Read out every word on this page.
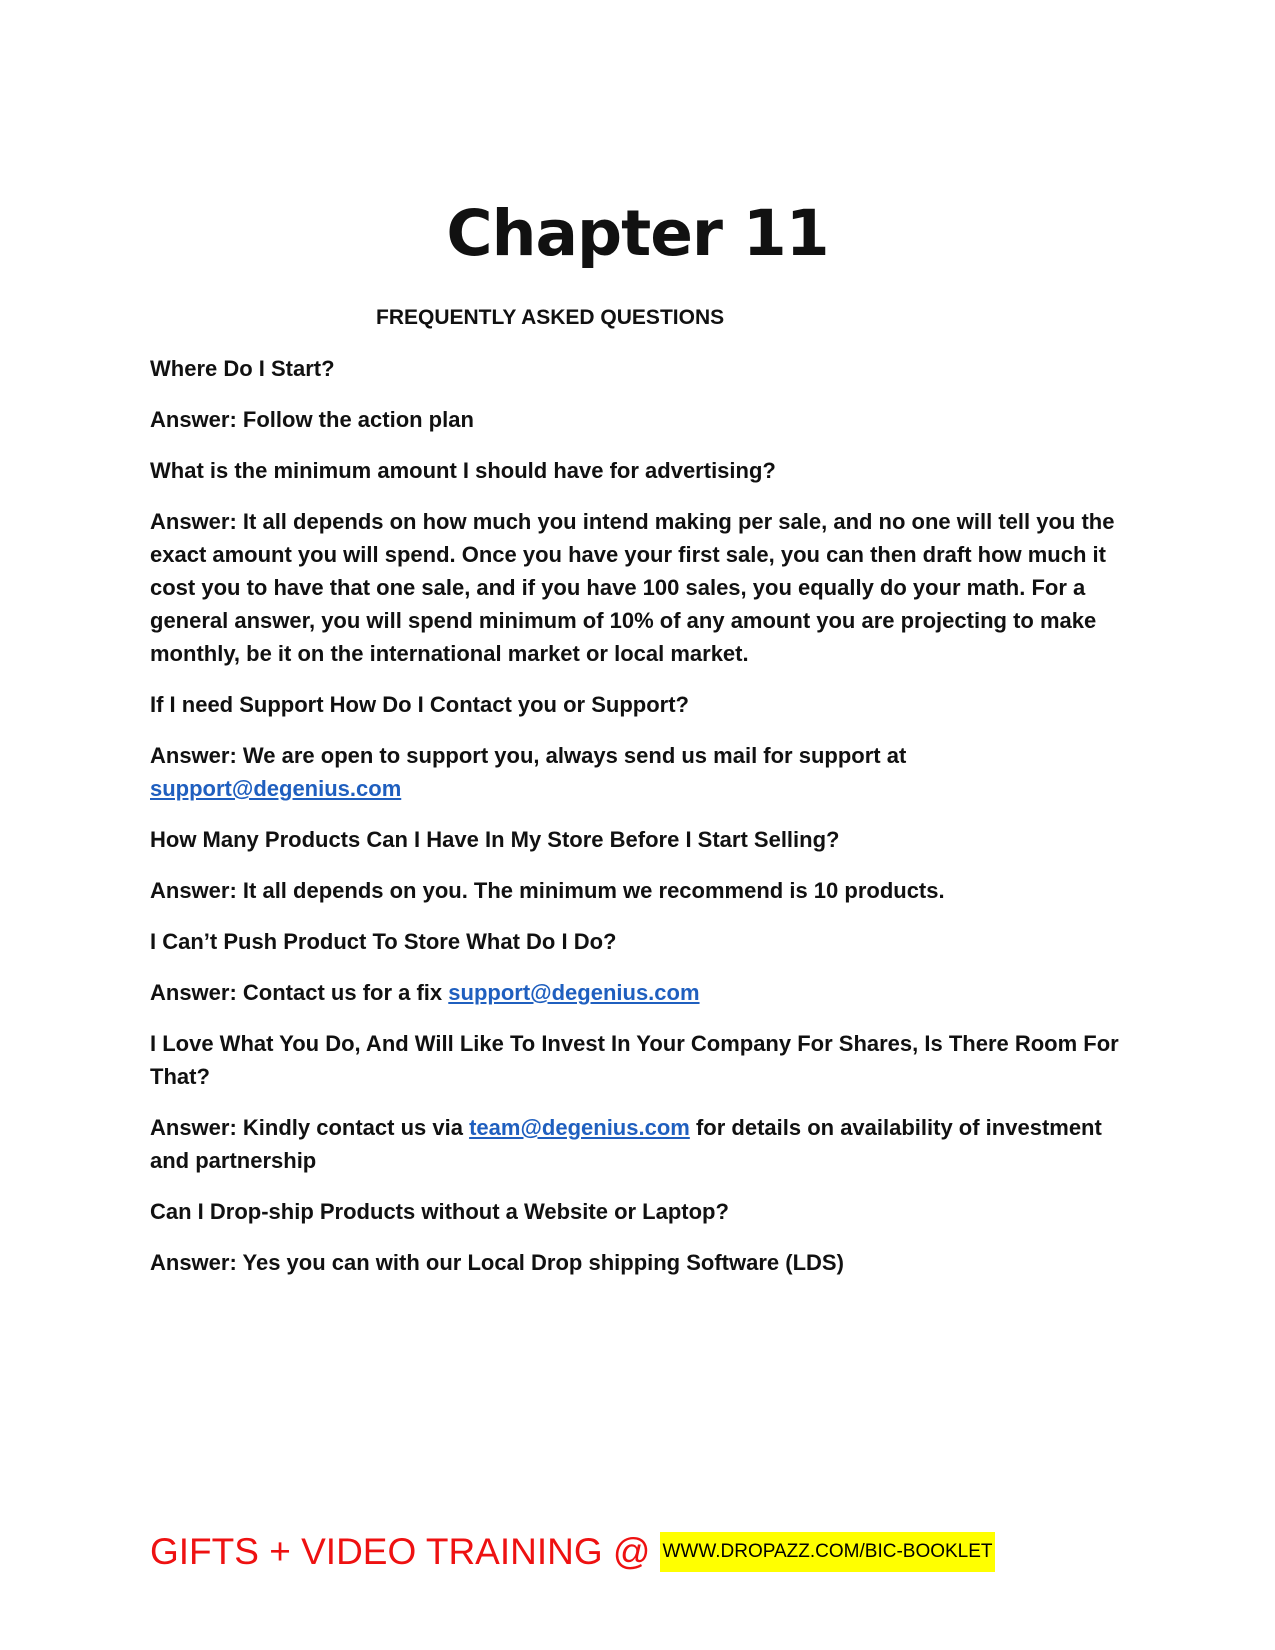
Chapter 11
FREQUENTLY ASKED QUESTIONS

Where Do I Start?

Answer: Follow the action plan

What is the minimum amount I should have for advertising?

Answer: It all depends on how much you intend making per sale, and no one will tell you the exact amount you will spend. Once you have your first sale, you can then draft how much it cost you to have that one sale, and if you have 100 sales, you equally do your math. For a general answer, you will spend minimum of 10% of any amount you are projecting to make monthly, be it on the international market or local market.

If I need Support How Do I Contact you or Support?

Answer: We are open to support you, always send us mail for support at
support@degenius.com

How Many Products Can I Have In My Store Before I Start Selling?

Answer: It all depends on you. The minimum we recommend is 10 products.

I Can’t Push Product To Store What Do I Do?

Answer: Contact us for a fix support@degenius.com

I Love What You Do, And Will Like To Invest In Your Company For Shares, Is There Room For That?

Answer: Kindly contact us via team@degenius.com for details on availability of investment and partnership

Can I Drop-ship Products without a Website or Laptop?

Answer: Yes you can with our Local Drop shipping Software (LDS)

GIFTS + VIDEO TRAINING @ WWW.DROPAZZ.COM/BIC-BOOKLET
